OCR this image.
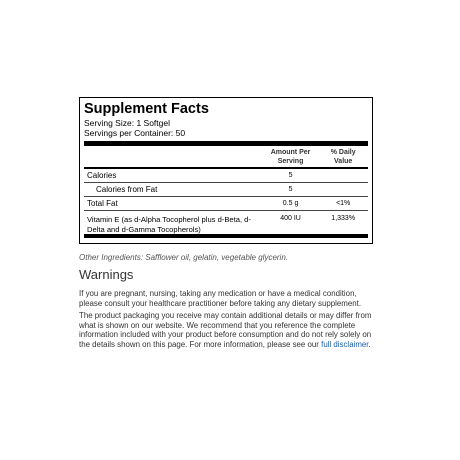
Supplement Facts
Serving Size: 1 Softgel
Servings per Container: 50
Amount Per
Serving
% Daily
Value
Calories	5
Calories from Fat	5
Total Fat	0.5 g	<1%
Vitamin E (as d-Alpha Tocopherol plus d-Beta, d-Delta and d-Gamma Tocopherols)
400 IU	1,333%
Other Ingredients: Safflower oil, gelatin, vegetable glycerin.
Warnings
If you are pregnant, nursing, taking any medication or have a medical condition, please consult your healthcare practitioner before taking any dietary supplement.
The product packaging you receive may contain additional details or may differ from what is shown on our website. We recommend that you reference the complete information included with your product before consumption and do not rely solely on the details shown on this page. For more information, please see our full disclaimer.
